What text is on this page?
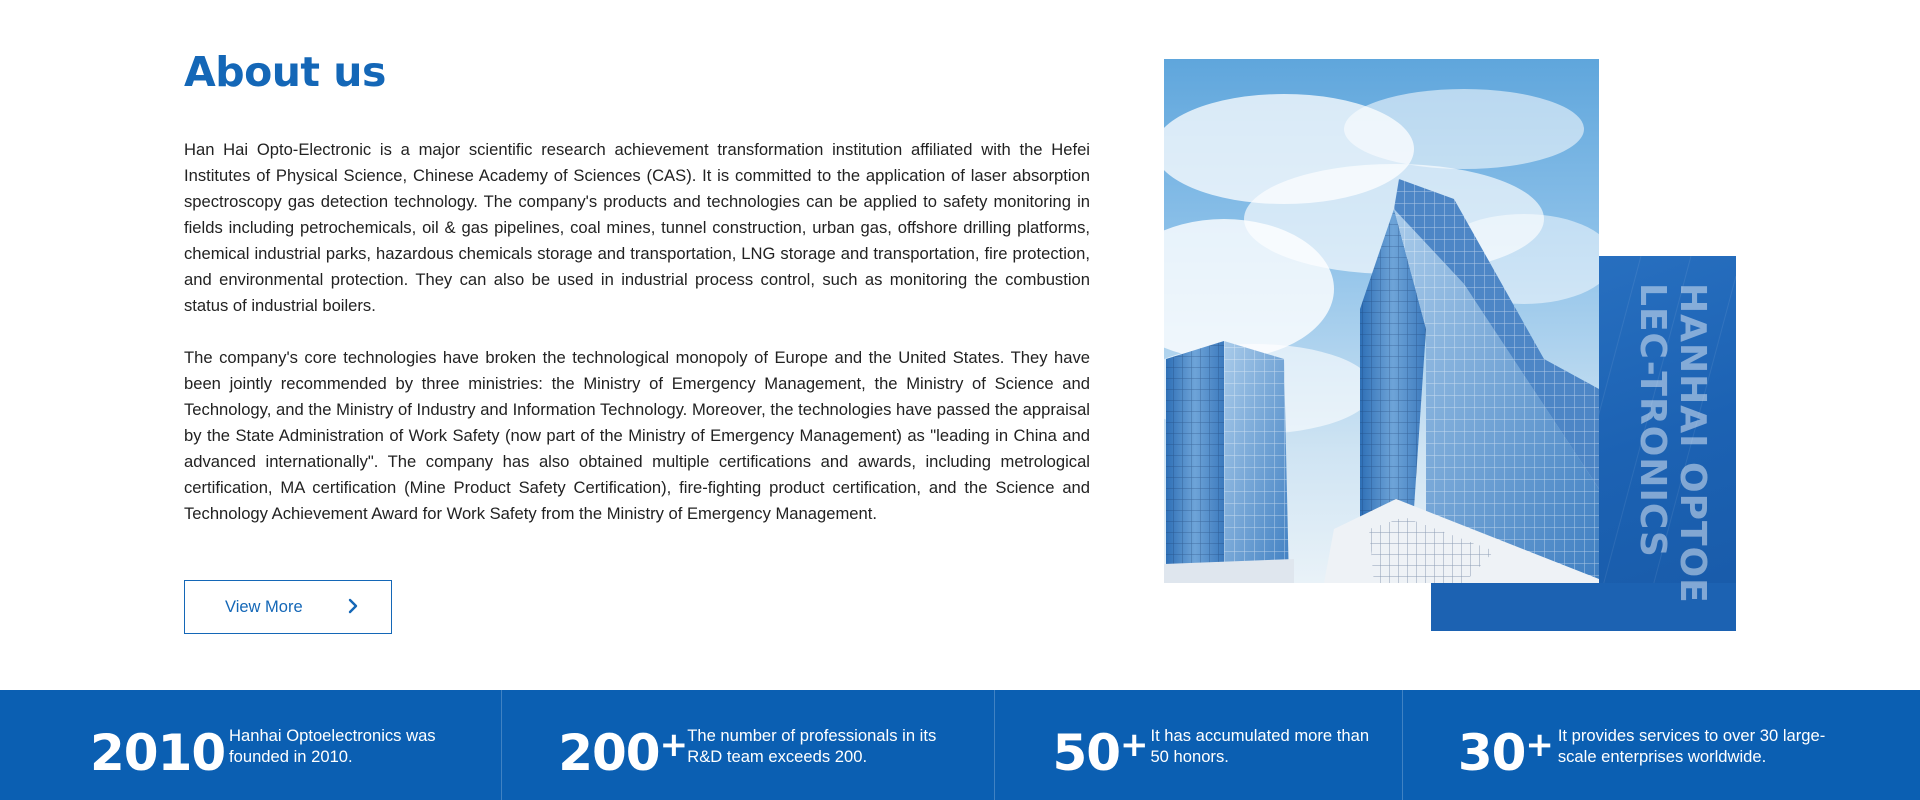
About us

Han Hai Opto-Electronic is a major scientific research achievement transformation institution affiliated with the Hefei Institutes of Physical Science, Chinese Academy of Sciences (CAS). It is committed to the application of laser absorption spectroscopy gas detection technology. The company's products and technologies can be applied to safety monitoring in fields including petrochemicals, oil & gas pipelines, coal mines, tunnel construction, urban gas, offshore drilling platforms, chemical industrial parks, hazardous chemicals storage and transportation, LNG storage and transportation, fire protection, and environmental protection. They can also be used in industrial process control, such as monitoring the combustion status of industrial boilers.

The company's core technologies have broken the technological monopoly of Europe and the United States. They have been jointly recommended by three ministries: the Ministry of Emergency Management, the Ministry of Science and Technology, and the Ministry of Industry and Information Technology. Moreover, the technologies have passed the appraisal by the State Administration of Work Safety (now part of the Ministry of Emergency Management) as "leading in China and advanced internationally". The company has also obtained multiple certifications and awards, including metrological certification, MA certification (Mine Product Safety Certification), fire-fighting product certification, and the Science and Technology Achievement Award for Work Safety from the Ministry of Emergency Management.

View More
HANHAI OPTOELEC-TRONICS
2010 Hanhai Optoelectronics was founded in 2010.	200+ The number of professionals in its R&D team exceeds 200.	50+ It has accumulated more than 50 honors.	30+ It provides services to over 30 large-scale enterprises worldwide.
